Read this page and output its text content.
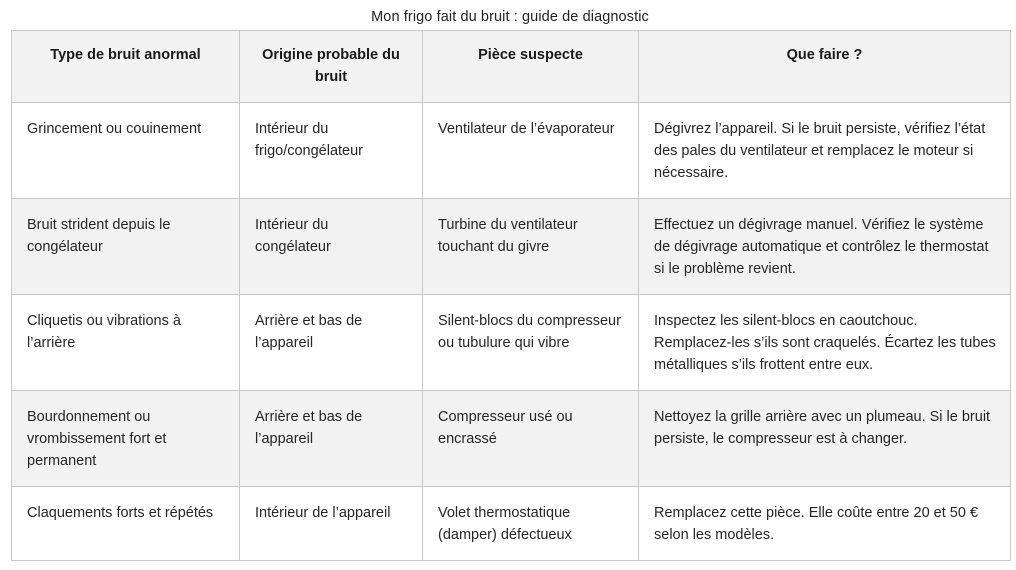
Mon frigo fait du bruit : guide de diagnostic
Type de bruit anormal	Origine probable du bruit	Pièce suspecte	Que faire ?
Grincement ou couinement	Intérieur du frigo/congélateur	Ventilateur de l’évaporateur	Dégivrez l’appareil. Si le bruit persiste, vérifiez l’état des pales du ventilateur et remplacez le moteur si nécessaire.
Bruit strident depuis le congélateur	Intérieur du congélateur	Turbine du ventilateur touchant du givre	Effectuez un dégivrage manuel. Vérifiez le système de dégivrage automatique et contrôlez le thermostat si le problème revient.
Cliquetis ou vibrations à l’arrière	Arrière et bas de l’appareil	Silent-blocs du compresseur ou tubulure qui vibre	Inspectez les silent-blocs en caoutchouc. Remplacez-les s’ils sont craquelés. Écartez les tubes métalliques s’ils frottent entre eux.
Bourdonnement ou vrombissement fort et permanent	Arrière et bas de l’appareil	Compresseur usé ou encrassé	Nettoyez la grille arrière avec un plumeau. Si le bruit persiste, le compresseur est à changer.
Claquements forts et répétés	Intérieur de l’appareil	Volet thermostatique (damper) défectueux	Remplacez cette pièce. Elle coûte entre 20 et 50 € selon les modèles.
